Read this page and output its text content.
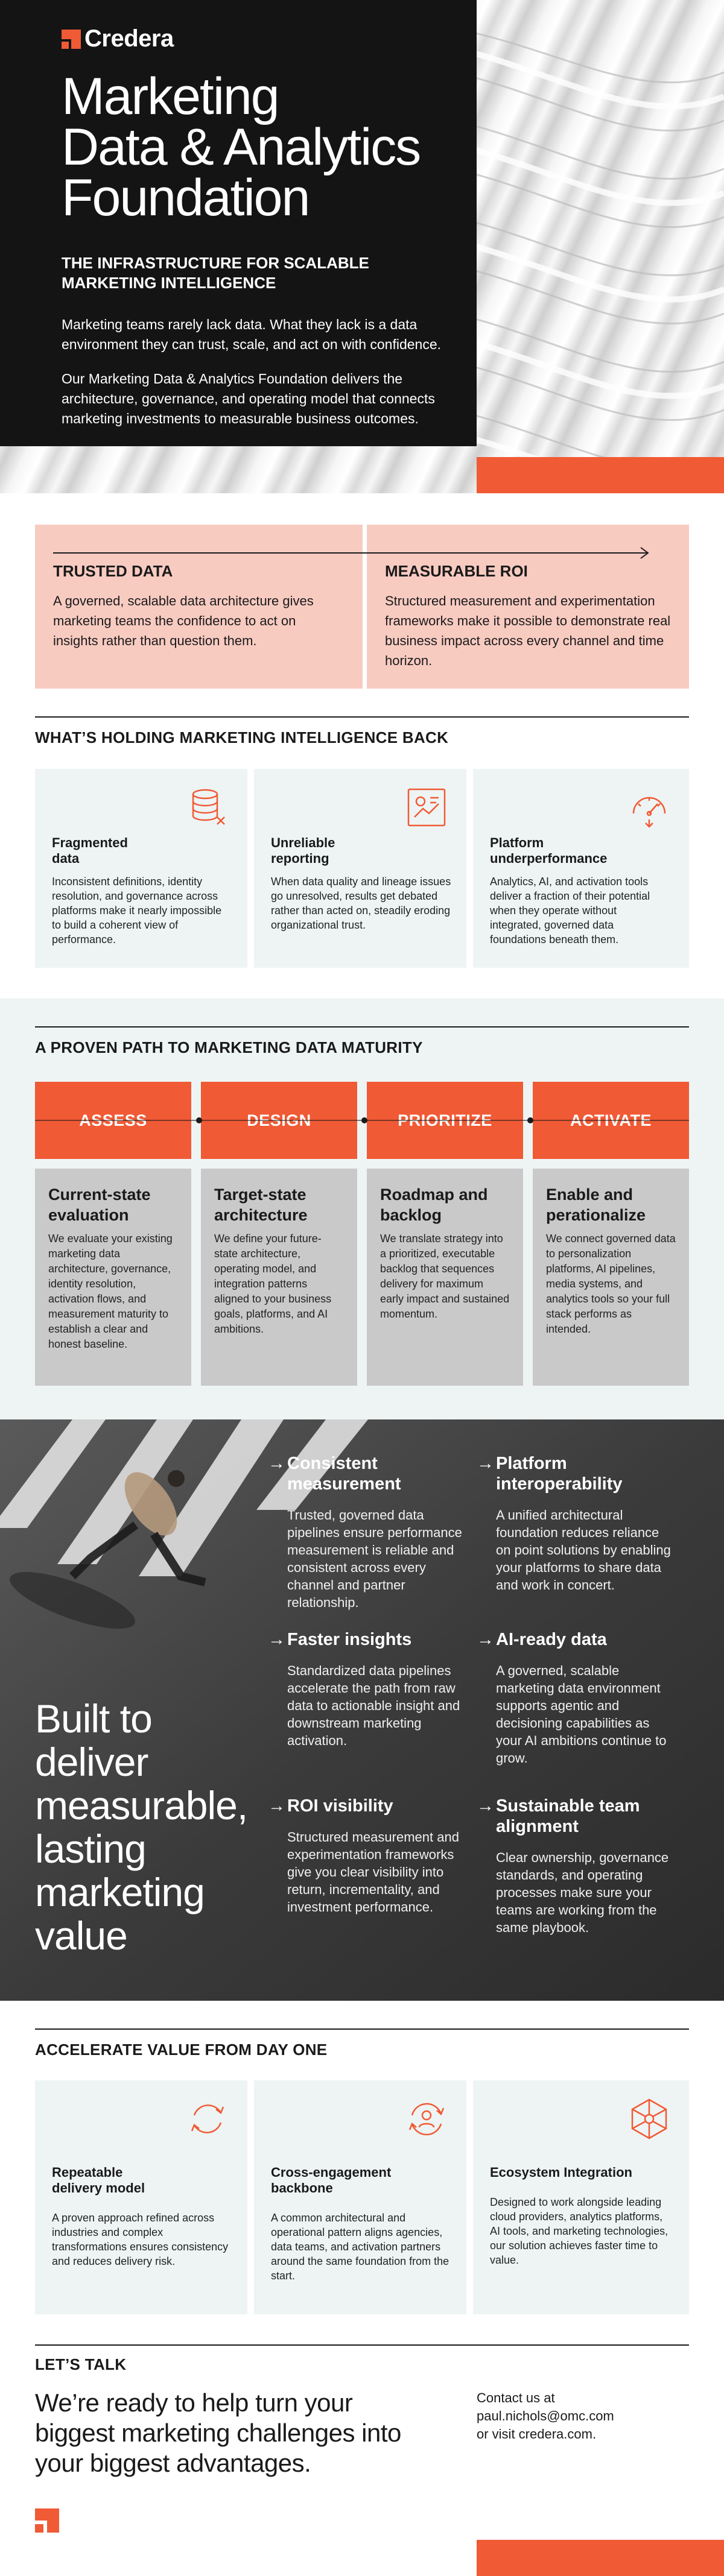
Credera
Marketing
Data & Analytics
Foundation
THE INFRASTRUCTURE FOR SCALABLE MARKETING INTELLIGENCE

Marketing teams rarely lack data. What they lack is a data environment they can trust, scale, and act on with confidence.

Our Marketing Data & Analytics Foundation delivers the architecture, governance, and operating model that connects marketing investments to measurable business outcomes.

TRUSTED DATA
A governed, scalable data architecture gives marketing teams the confidence to act on insights rather than question them.
MEASURABLE ROI
Structured measurement and experimentation frameworks make it possible to demonstrate real business impact across every channel and time horizon.
WHAT’S HOLDING MARKETING INTELLIGENCE BACK
Fragmented
data
Inconsistent definitions, identity resolution, and governance across platforms make it nearly impossible to build a coherent view of performance.
Unreliable
reporting
When data quality and lineage issues go unresolved, results get debated rather than acted on, steadily eroding organizational trust.
Platform
underperformance
Analytics, AI, and activation tools deliver a fraction of their potential when they operate without integrated, governed data foundations beneath them.
A PROVEN PATH TO MARKETING DATA MATURITY
ASSESS	DESIGN	PRIORITIZE	ACTIVATE
Current-state evaluation
We evaluate your existing marketing data architecture, governance, identity resolution, activation flows, and measurement maturity to establish a clear and honest baseline.
Target-state architecture
We define your future-state architecture, operating model, and integration patterns aligned to your business goals, platforms, and AI ambitions.
Roadmap and backlog
We translate strategy into a prioritized, executable backlog that sequences delivery for maximum early impact and sustained momentum.
Enable and perationalize
We connect governed data to personalization platforms, AI pipelines, media systems, and analytics tools so your full stack performs as intended.
Built to deliver measurable, lasting marketing value
→ Consistent measurement
Trusted, governed data pipelines ensure performance measurement is reliable and consistent across every channel and partner relationship.
→ Platform interoperability
A unified architectural foundation reduces reliance on point solutions by enabling your platforms to share data and work in concert.
→ Faster insights
Standardized data pipelines accelerate the path from raw data to actionable insight and downstream marketing activation.
→ AI-ready data
A governed, scalable marketing data environment supports agentic and decisioning capabilities as your AI ambitions continue to grow.
→ ROI visibility
Structured measurement and experimentation frameworks give you clear visibility into return, incrementality, and investment performance.
→ Sustainable team alignment
Clear ownership, governance standards, and operating processes make sure your teams are working from the same playbook.
ACCELERATE VALUE FROM DAY ONE
Repeatable
delivery model
A proven approach refined across industries and complex transformations ensures consistency and reduces delivery risk.
Cross-engagement
backbone
A common architectural and operational pattern aligns agencies, data teams, and activation partners around the same foundation from the start.
Ecosystem Integration
Designed to work alongside leading cloud providers, analytics platforms, AI tools, and marketing technologies, our solution achieves faster time to value.
LET’S TALK
We’re ready to help turn your biggest marketing challenges into your biggest advantages.
Contact us at
paul.nichols@omc.com
or visit credera.com.
